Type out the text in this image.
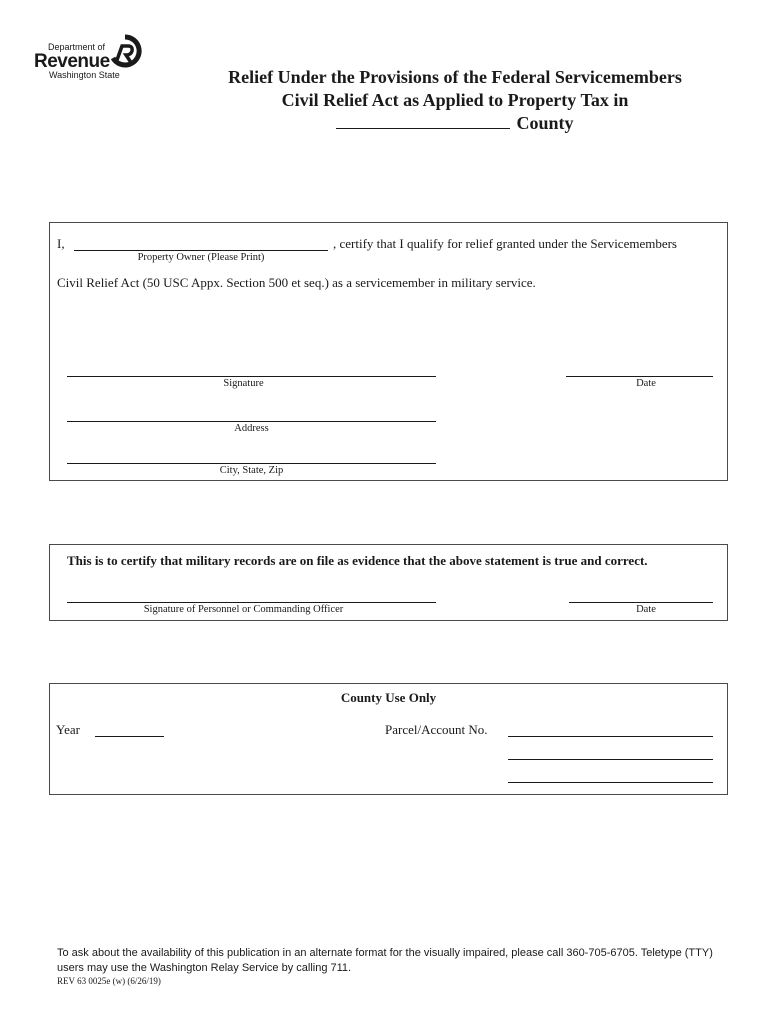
Department of
Revenue
Washington State	Relief Under the Provisions of the Federal Servicemembers
Civil Relief Act as Applied to Property Tax in
County
I,
Property Owner (Please Print)
, certify that I qualify for relief granted under the Servicemembers
Civil Relief Act (50 USC Appx. Section 500 et seq.) as a servicemember in military service.
Signature	Date
Address
City, State, Zip
This is to certify that military records are on file as evidence that the above statement is true and correct.
Signature of Personnel or Commanding Officer	Date
County Use Only
Year	Parcel/Account No.
To ask about the availability of this publication in an alternate format for the visually impaired, please call 360-705-6705. Teletype (TTY) users may use the Washington Relay Service by calling 711.
REV 63 0025e (w) (6/26/19)
